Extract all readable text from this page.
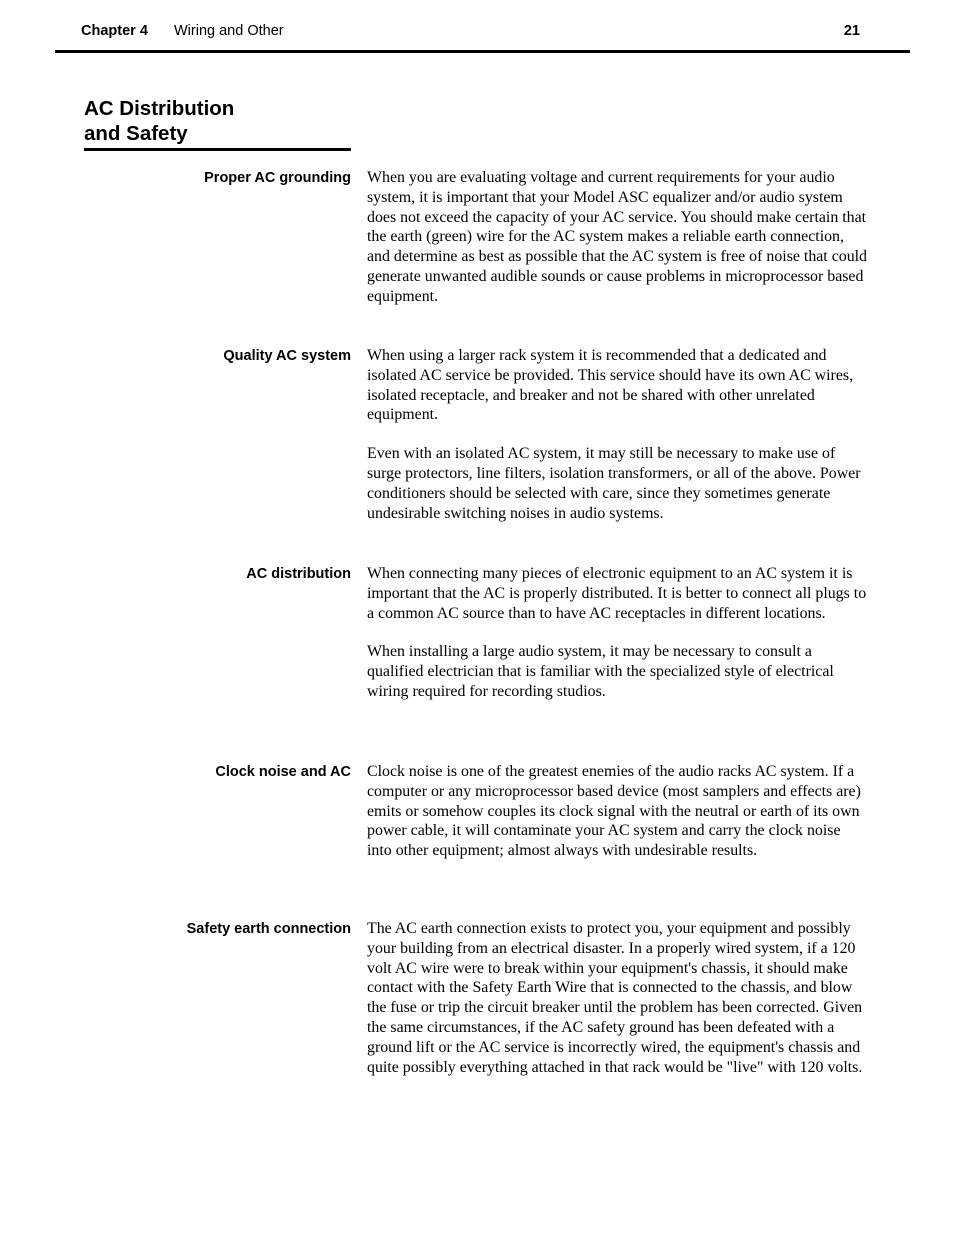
Chapter 4 Wiring and Other	21
AC Distribution
and Safety
Proper AC grounding When you are evaluating voltage and current requirements for your audio system, it is important that your Model ASC equalizer and/or audio system does not exceed the capacity of your AC service. You should make certain that the earth (green) wire for the AC system makes a reliable earth connection, and determine as best as possible that the AC system is free of noise that could generate unwanted audible sounds or cause problems in microprocessor based equipment.

Quality AC system When using a larger rack system it is recommended that a dedicated and isolated AC service be provided. This service should have its own AC wires, isolated receptacle, and breaker and not be shared with other unrelated equipment.

Even with an isolated AC system, it may still be necessary to make use of surge protectors, line filters, isolation transformers, or all of the above. Power conditioners should be selected with care, since they sometimes generate undesirable switching noises in audio systems.

AC distribution When connecting many pieces of electronic equipment to an AC system it is important that the AC is properly distributed. It is better to connect all plugs to a common AC source than to have AC receptacles in different locations.

When installing a large audio system, it may be necessary to consult a qualified electrician that is familiar with the specialized style of electrical wiring required for recording studios.

Clock noise and AC Clock noise is one of the greatest enemies of the audio racks AC system. If a computer or any microprocessor based device (most samplers and effects are) emits or somehow couples its clock signal with the neutral or earth of its own power cable, it will contaminate your AC system and carry the clock noise into other equipment; almost always with undesirable results.

Safety earth connection The AC earth connection exists to protect you, your equipment and possibly your building from an electrical disaster. In a properly wired system, if a 120 volt AC wire were to break within your equipment's chassis, it should make contact with the Safety Earth Wire that is connected to the chassis, and blow the fuse or trip the circuit breaker until the problem has been corrected. Given the same circumstances, if the AC safety ground has been defeated with a ground lift or the AC service is incorrectly wired, the equipment's chassis and quite possibly everything attached in that rack would be "live" with 120 volts.
